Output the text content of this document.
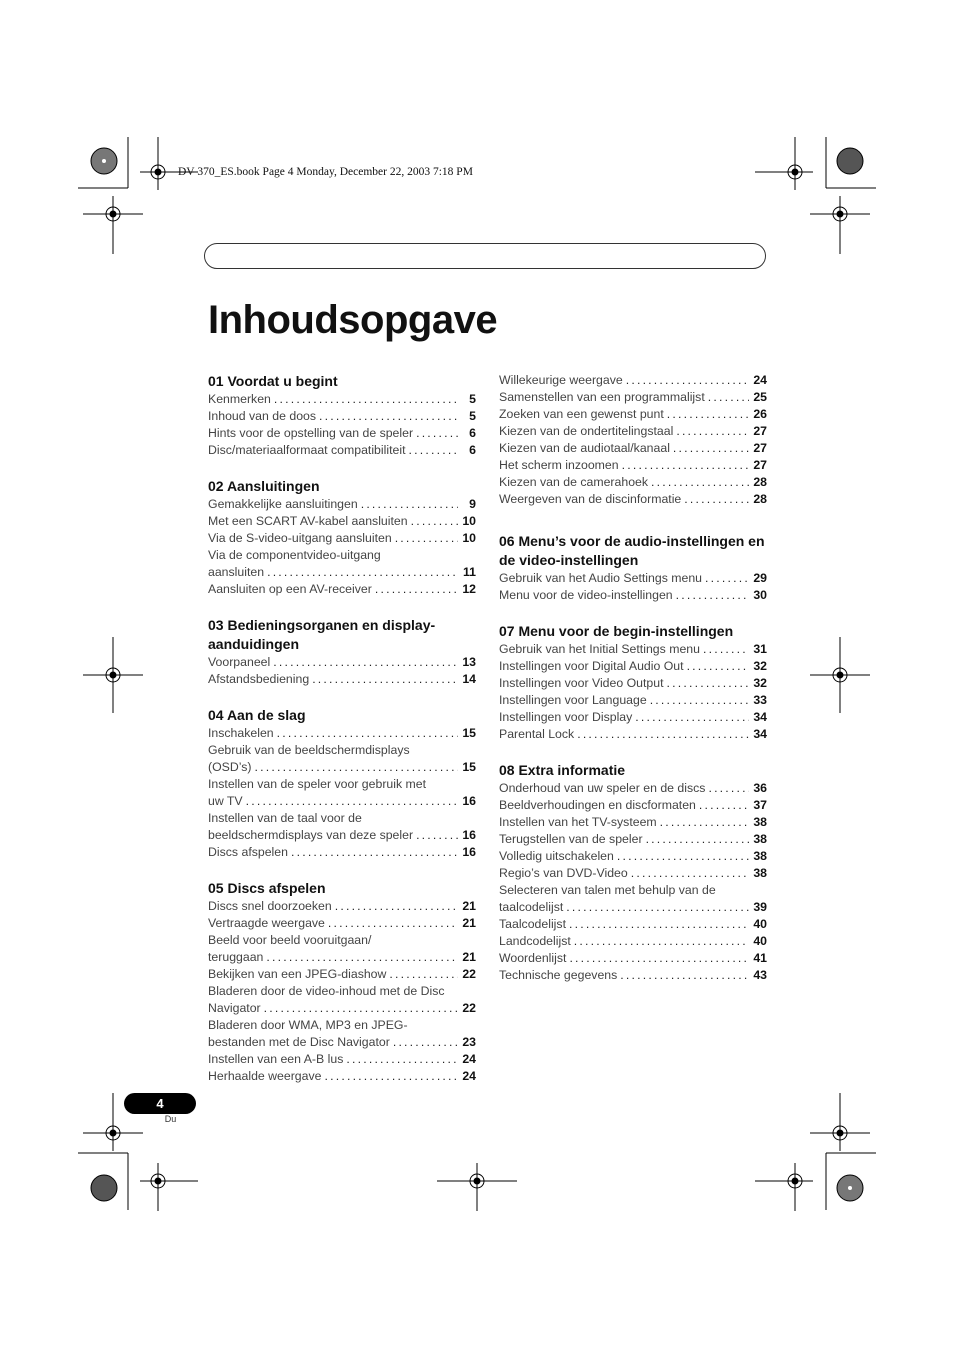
DV-370_ES.book Page 4 Monday, December 22, 2003 7:18 PM
Inhoudsopgave
01 Voordat u begint
Kenmerken .....	5
Inhoud van de doos .....	5
Hints voor de opstelling van de speler .....	6
Disc/materiaalformaat compatibiliteit .....	6
02 Aansluitingen
Gemakkelijke aansluitingen .....	9
Met een SCART AV-kabel aansluiten .....	10
Via de S-video-uitgang aansluiten .....	10
Via de componentvideo-uitgang
aansluiten .....	11
Aansluiten op een AV-receiver .....	12
03 Bedieningsorganen en display-aanduidingen
Voorpaneel .....	13
Afstandsbediening .....	14
04 Aan de slag
Inschakelen .....	15
Gebruik van de beeldschermdisplays
(OSD’s) .....	15
Instellen van de speler voor gebruik met
uw TV .....	16
Instellen van de taal voor de
beeldschermdisplays van deze speler .....	16
Discs afspelen .....	16
05 Discs afspelen
Discs snel doorzoeken .....	21
Vertraagde weergave .....	21
Beeld voor beeld vooruitgaan/
teruggaan .....	21
Bekijken van een JPEG-diashow .....	22
Bladeren door de video-inhoud met de Disc
Navigator .....	22
Bladeren door WMA, MP3 en JPEG-
bestanden met de Disc Navigator .....	23
Instellen van een A-B lus .....	24
Herhaalde weergave .....	24
Willekeurige weergave .....	24
Samenstellen van een programmalijst .....	25
Zoeken van een gewenst punt .....	26
Kiezen van de ondertitelingstaal .....	27
Kiezen van de audiotaal/kanaal .....	27
Het scherm inzoomen .....	27
Kiezen van de camerahoek .....	28
Weergeven van de discinformatie .....	28
06 Menu’s voor de audio-instellingen en de video-instellingen
Gebruik van het Audio Settings menu .....	29
Menu voor de video-instellingen .....	30
07 Menu voor de begin-instellingen
Gebruik van het Initial Settings menu .....	31
Instellingen voor Digital Audio Out .....	32
Instellingen voor Video Output .....	32
Instellingen voor Language .....	33
Instellingen voor Display .....	34
Parental Lock .....	34
08 Extra informatie
Onderhoud van uw speler en de discs .....	36
Beeldverhoudingen en discformaten .....	37
Instellen van het TV-systeem .....	38
Terugstellen van de speler .....	38
Volledig uitschakelen .....	38
Regio’s van DVD-Video .....	38
Selecteren van talen met behulp van de
taalcodelijst .....	39
Taalcodelijst .....	40
Landcodelijst .....	40
Woordenlijst .....	41
Technische gegevens .....	43
4
Du
